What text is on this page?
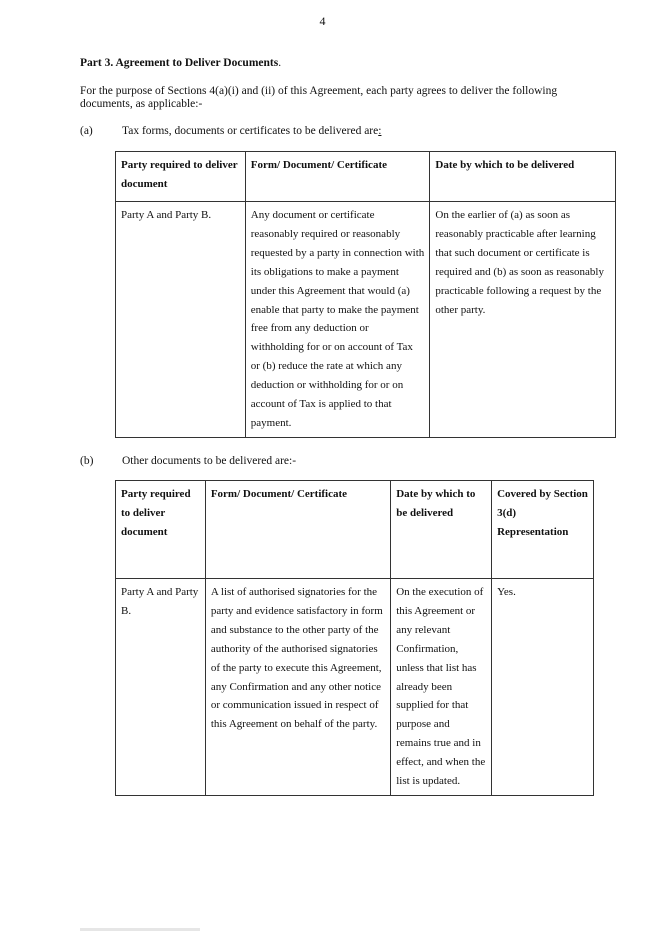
4
Part 3. Agreement to Deliver Documents.
For the purpose of Sections 4(a)(i) and (ii) of this Agreement, each party agrees to deliver the following documents, as applicable:-
(a)	Tax forms, documents or certificates to be delivered are:
Party required to deliver document	Form/ Document/ Certificate	Date by which to be delivered
Party A and Party B.	Any document or certificate reasonably required or reasonably requested by a party in connection with its obligations to make a payment under this Agreement that would (a) enable that party to make the payment free from any deduction or withholding for or on account of Tax or (b) reduce the rate at which any deduction or withholding for or on account of Tax is applied to that payment.	On the earlier of (a) as soon as reasonably practicable after learning that such document or certificate is required and (b) as soon as reasonably practicable following a request by the other party.
(b) Other documents to be delivered are:-
Party required to deliver document	Form/ Document/ Certificate	Date by which to be delivered	Covered by Section 3(d) Representation
Party A and Party B.	A list of authorised signatories for the party and evidence satisfactory in form and substance to the other party of the authority of the authorised signatories of the party to execute this Agreement, any Confirmation and any other notice or communication issued in respect of this Agreement on behalf of the party.	On the execution of this Agreement or any relevant Confirmation, unless that list has already been supplied for that purpose and remains true and in effect, and when the list is updated.	Yes.
